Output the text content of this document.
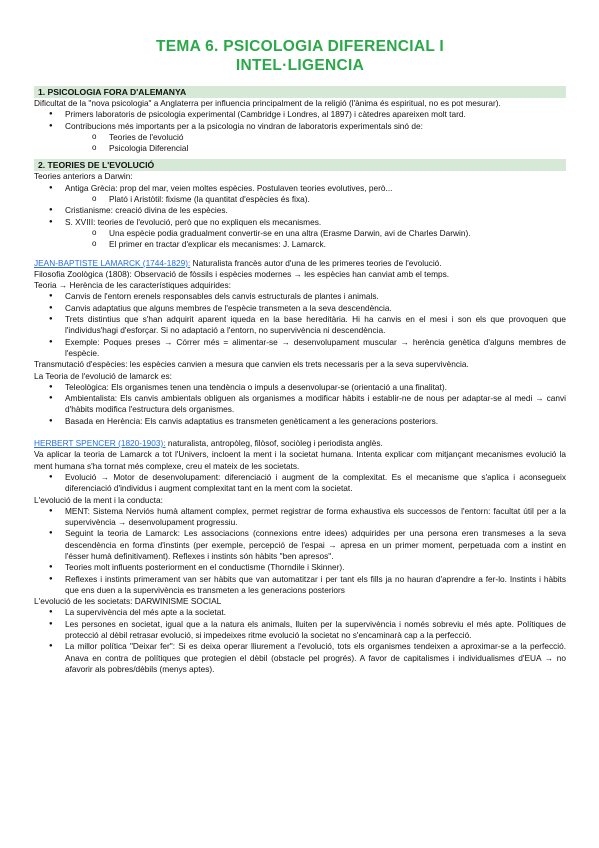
TEMA 6. PSICOLOGIA DIFERENCIAL I
INTEL·LIGENCIA
1. PSICOLOGIA FORA D'ALEMANYA

Dificultat de la "nova psicologia" a Anglaterra per influencia principalment de la religió (l'ànima és espiritual, no es pot mesurar).

● Primers laboratoris de psicologia experimental (Cambridge i Londres, al 1897) i càtedres apareixen molt tard.
● Contribucions més importants per a la psicologia no vindran de laboratoris experimentals sinó de:
o Teories de l'evolució
o Psicologia Diferencial
2. TEORIES DE L'EVOLUCIÓ

Teories anteriors a Darwin:

● Antiga Grècia: prop del mar, veien moltes espècies. Postulaven teories evolutives, però...
o Plató i Aristòtil: fixisme (la quantitat d'espècies és fixa).
● Cristianisme: creació divina de les espècies.
● S. XVIII: teories de l'evolució, però que no expliquen els mecanismes.
o Una espècie podia gradualment convertir-se en una altra (Erasme Darwin, avi de Charles Darwin).
o El primer en tractar d'explicar els mecanismes: J. Lamarck.

JEAN-BAPTISTE LAMARCK (1744-1829): Naturalista francès autor d'una de les primeres teories de l'evolució.

Filosofia Zoològica (1808): Observació de fòssils i espècies modernes → les espècies han canviat amb el temps.

Teoria → Herència de les característiques adquirides:

● Canvis de l'entorn erenels responsables dels canvis estructurals de plantes i animals.
● Canvis adaptatius que alguns membres de l'espècie transmeten a la seva descendència.
● Trets distintius que s'han adquirit aparent iqueda en la base hereditària. Hi ha canvis en el mesi i son els que provoquen que l'individus'hagi d'esforçar. Si no adaptació a l'entorn, no supervivència ni descendència.
● Exemple: Poques preses → Córrer més = alimentar-se → desenvolupament muscular → herència genètica d'alguns membres de l'espècie.

Transmutació d'espècies: les espècies canvien a mesura que canvien els trets necessaris per a la seva supervivència.

La Teoria de l'evolució de lamarck es:

● Teleològica: Els organismes tenen una tendència o impuls a desenvolupar-se (orientació a una finalitat).
● Ambientalista: Els canvis ambientals obliguen als organismes a modificar hàbits i establir-ne de nous per adaptar-se al medi → canvi d'hàbits modifica l'estructura dels organismes.
● Basada en Herència: Els canvis adaptatius es transmeten genèticament a les generacions posteriors.

HERBERT SPENCER (1820-1903): naturalista, antropòleg, filòsof, sociòleg i periodista anglès.

Va aplicar la teoria de Lamarck a tot l'Univers, incloent la ment i la societat humana. Intenta explicar com mitjançant mecanismes evolució la ment humana s'ha tornat més complexe, creu el mateix de les societats.

● Evolució → Motor de desenvolupament: diferenciació i augment de la complexitat. Es el mecanisme que s'aplica i aconsegueix diferenciació d'individus i augment complexitat tant en la ment com la societat.

L'evolució de la ment i la conducta:

● MENT: Sistema Nerviós humà altament complex, permet registrar de forma exhaustiva els successos de l'entorn: facultat útil per a la supervivència → desenvolupament progressiu.
● Seguint la teoria de Lamarck: Les associacions (connexions entre idees) adquirides per una persona eren transmeses a la seva descendència en forma d'instints (per exemple, percepció de l'espai → apresa en un primer moment, perpetuada com a instint en l'ésser humà definitivament). Reflexes i instints són hàbits "ben apresos".
● Teories molt influents posteriorment en el conductisme (Thorndile i Skinner).
● Reflexes i instints primerament van ser hàbits que van automatitzar i per tant els fills ja no hauran d'aprendre a fer-lo. Instints i hàbits que ens duen a la supervivència es transmeten a les generacions posteriors

L'evolució de les societats: DARWINISME SOCIAL

● La supervivència del més apte a la societat.
● Les persones en societat, igual que a la natura els animals, lluiten per la supervivència i només sobreviu el més apte. Polítiques de protecció al dèbil retrasar evolució, si impedeixes ritme evolució la societat no s'encaminarà cap a la perfecció.
● La millor política "Deixar fer": Si es deixa operar lliurement a l'evolució, tots els organismes tendeixen a aproximar-se a la perfecció. Anava en contra de polítiques que protegien el dèbil (obstacle pel progrés). A favor de capitalismes i individualismes d'EUA → no afavorir als pobres/dèbils (menys aptes).
